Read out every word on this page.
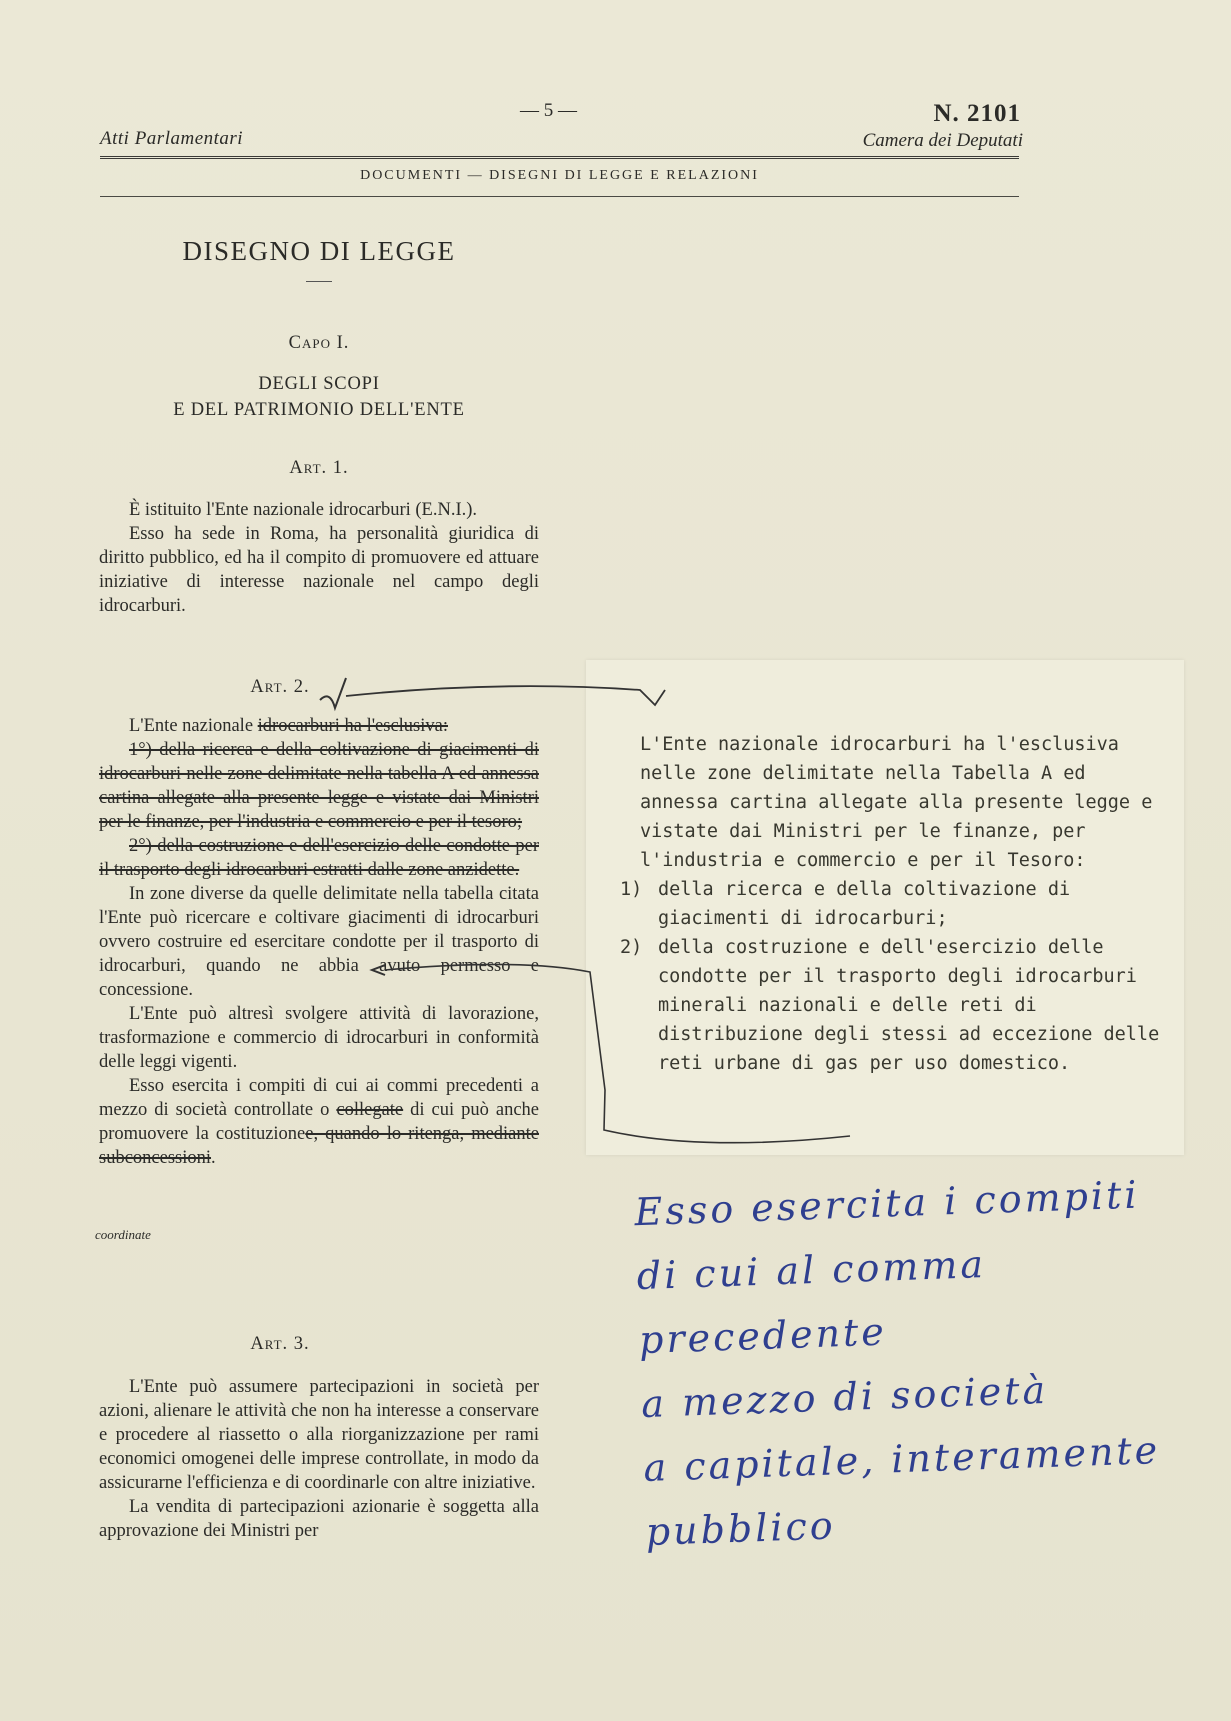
Atti Parlamentari
— 5 —	N. 2101
Camera dei Deputati
DOCUMENTI — DISEGNI DI LEGGE E RELAZIONI
DISEGNO DI LEGGE
Capo I.
DEGLI SCOPI
E DEL PATRIMONIO DELL'ENTE
Art. 1.

È istituito l'Ente nazionale idrocarburi (E.N.I.).

Esso ha sede in Roma, ha personalità giuridica di diritto pubblico, ed ha il compito di promuovere ed attuare iniziative di interesse nazionale nel campo degli idrocarburi.

Art. 2.

L'Ente nazionale idrocarburi ha l'esclusiva:

1°) della ricerca e della coltivazione di giacimenti di idrocarburi nelle zone delimitate nella tabella A ed annessa cartina allegate alla presente legge e vistate dai Ministri per le finanze, per l'industria e commercio e per il tesoro;

2°) della costruzione e dell'esercizio delle condotte per il trasporto degli idrocarburi estratti dalle zone anzidette.

In zone diverse da quelle delimitate nella tabella citata l'Ente può ricercare e coltivare giacimenti di idrocarburi ovvero costruire ed esercitare condotte per il trasporto di idrocarburi, quando ne abbia avuto permesso e concessione.

L'Ente può altresì svolgere attività di lavorazione, trasformazione e commercio di idrocarburi in conformità delle leggi vigenti.

Esso esercita i compiti di cui ai commi precedenti a mezzo di società controllate o collegate di cui può anche promuovere la costituzionee, quando lo ritenga, mediante subconcessioni.

coordinate
Art. 3.

L'Ente può assumere partecipazioni in società per azioni, alienare le attività che non ha interesse a conservare e procedere al riassetto o alla riorganizzazione per rami economici omogenei delle imprese controllate, in modo da assicurarne l'efficienza e di coordinarle con altre iniziative.

La vendita di partecipazioni azionarie è soggetta alla approvazione dei Ministri per

L'Ente nazionale idrocarburi ha l'esclusiva nelle zone delimitate nella Tabella A ed annessa cartina allegate alla presente legge e vistate dai Ministri per le finanze, per l'industria e commercio e per il Tesoro:
1) della ricerca e della coltivazione di giacimenti di idrocarburi;
2) della costruzione e dell'esercizio delle condotte per il trasporto degli idrocarburi minerali nazionali e delle reti di distribuzione degli stessi ad eccezione delle reti urbane di gas per uso domestico.
Esso esercita i compiti
di cui al comma precedente
a mezzo di società
a capitale, interamente pubblico
